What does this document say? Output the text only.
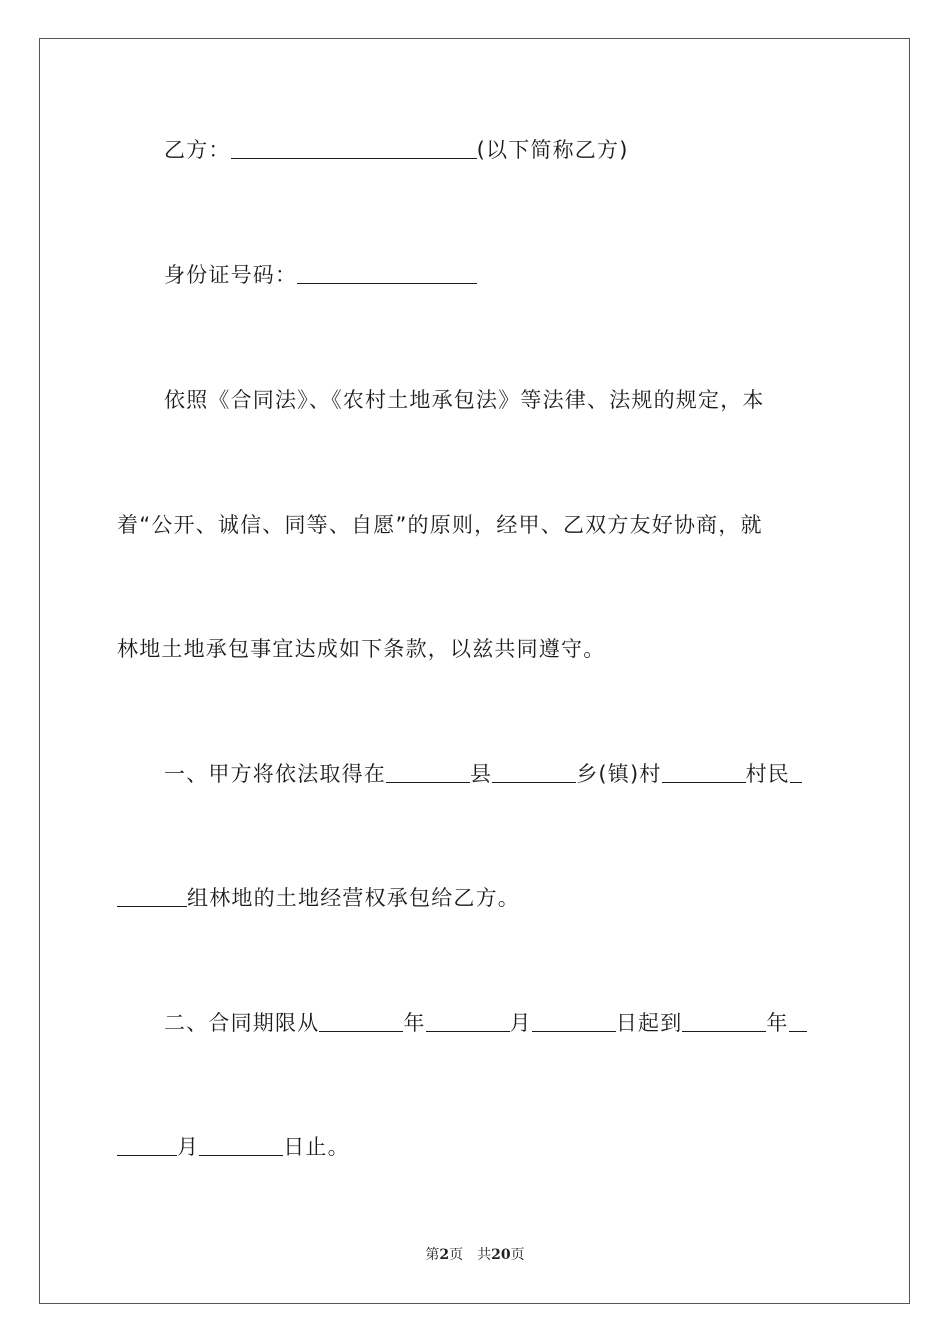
乙方：	(以下简称乙方)
身份证号码：
依照《合同法》、《农村土地承包法》等法律、法规的规定，本
着“公开、诚信、同等、自愿”的原则，经甲、乙双方友好协商，就
林地土地承包事宜达成如下条款，以兹共同遵守。
一、甲方将依法取得在	县	乡(镇)村	村民
组林地的土地经营权承包给乙方。
二、合同期限从	年	月	日起到	年
月	日止。
第2页 共20页
